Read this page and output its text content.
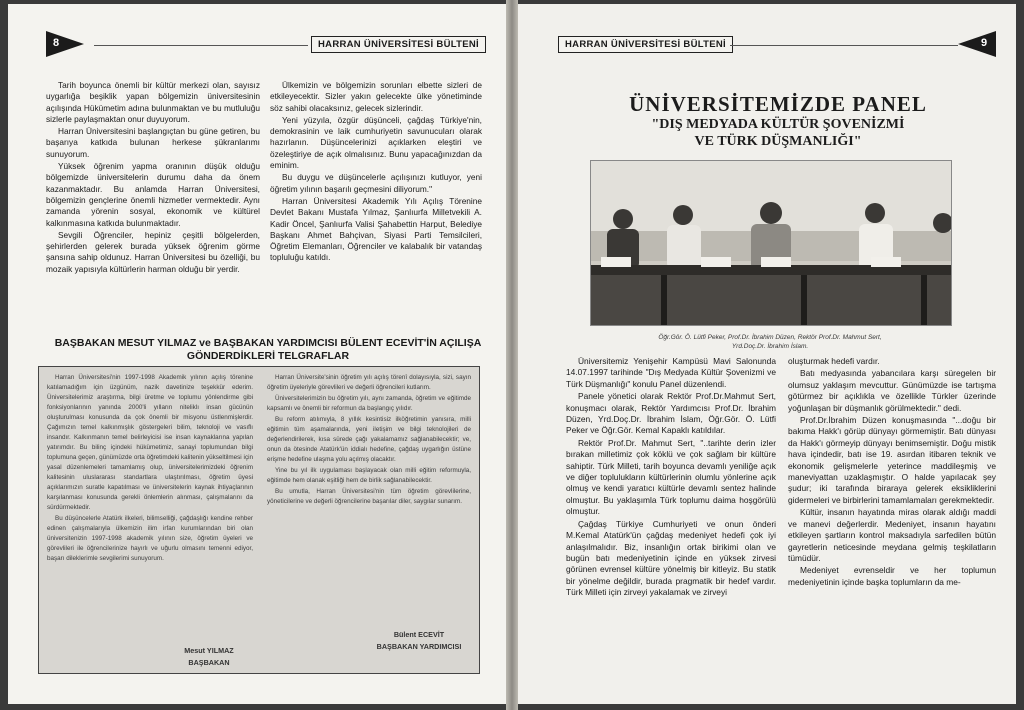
8	HARRAN ÜNİVERSİTESİ BÜLTENİ

Tarih boyunca önemli bir kültür merkezi olan, sayısız uygarlığa beşiklik yapan bölgemizin üniversitesinin açılışında Hükümetim adına bulunmaktan ve bu mutluluğu sizlerle paylaşmaktan onur duyuyorum.

Harran Üniversitesini başlangıçtan bu güne getiren, bu başarıya katkıda bulunan herkese şükranlarımı sunuyorum.

Yüksek öğrenim yapma oranının düşük olduğu bölgemizde üniversitelerin durumu daha da önem kazanmaktadır. Bu anlamda Harran Üniversitesi, bölgemizin gençlerine önemli hizmetler vermektedir. Aynı zamanda yörenin sosyal, ekonomik ve kültürel kalkınmasına katkıda bulunmaktadır.

Sevgili Öğrenciler, hepiniz çeşitli bölgelerden, şehirlerden gelerek burada yüksek öğrenim görme şansına sahip oldunuz. Harran Üniversitesi bu özelliği, bu mozaik yapısıyla kültürlerin harman olduğu bir yerdir.

Ülkemizin ve bölgemizin sorunları elbette sizleri de etkileyecektir. Sizler yakın gelecekte ülke yönetiminde söz sahibi olacaksınız, gelecek sizlerindir.

Yeni yüzyıla, özgür düşünceli, çağdaş Türkiye'nin, demokrasinin ve laik cumhuriyetin savunucuları olarak hazırlanın. Düşüncelerinizi açıklarken eleştiri ve özeleştiriye de açık olmalısınız. Bunu yapacağınızdan da eminim.

Bu duygu ve düşüncelerle açılışınızı kutluyor, yeni öğretim yılının başarılı geçmesini diliyorum."

Harran Üniversitesi Akademik Yılı Açılış Törenine Devlet Bakanı Mustafa Yılmaz, Şanlıurfa Milletvekili A. Kadir Öncel, Şanlıurfa Valisi Şahabettin Harput, Belediye Başkanı Ahmet Bahçivan, Siyasi Parti Temsilcileri, Öğretim Elemanları, Öğrenciler ve kalabalık bir vatandaş topluluğu katıldı.

BAŞBAKAN MESUT YILMAZ ve BAŞBAKAN YARDIMCISI BÜLENT ECEVİT'İN AÇILIŞA GÖNDERDİKLERİ TELGRAFLAR

Harran Üniversitesi'nin 1997-1998 Akademik yılının açılış törenine katılamadığım için üzgünüm, nazik davetinize teşekkür ederim. Üniversitelerimiz araştırma, bilgi üretme ve toplumu yönlendirme gibi fonksiyonlarının yanında 2000'li yılların niteliklı insan gücünün oluşturulması konusunda da çok önemli bir misyonu üstlenmişlerdir. Çağımızın temel kalkınmışlık göstergeleri bilim, teknoloji ve vasıflı insandır. Kalkınmanın temel belirleyicisi ise insan kaynaklarına yapılan yatırımdır. Bu bilinç içindeki hükümetimiz, sanayi toplumundan bilgi toplumuna geçen, günümüzde orta öğretimdeki kalitenin yükseltilmesi için yasal düzenlemeleri tamamlamış olup, üniversitelerimizdeki öğrenim kalitesinin uluslararası standartlara ulaştırılması, öğretim üyesi açıklarımızın suratle kapatılması ve üniversitelerin kaynak ihtiyaçlarının karşılanması konusunda gerekli önlemlerin alınması, çalışmalarını da sürdürmektedir.

Bu düşüncelerle Atatürk ilkeleri, bilimselliği, çağdaşlığı kendine rehber edinen çalışmalarıyla ülkemizin ilim irfan kurumlarından biri olan üniversitenizin 1997-1998 akademik yılının size, öğretim üyeleri ve görevlileri ile öğrencilerinize hayırlı ve uğurlu olmasını temenni ediyor, başarı dileklerimle sevgilerimi sunuyorum.

Harran Üniversite'sinin öğretim yılı açılış törenî dolayısıyla, sizi, sayın öğretim üyeleriyle görevlileri ve değerli öğrencileri kutlarım.

Üniversitelerimizin bu öğretim yılı, aynı zamanda, öğretim ve eğitimde kapsamlı ve önemli bir reformun da başlangıç yılıdır.

Bu reform atılımıyla, 8 yıllık kesintisiz ilköğretimin yanısıra, milli eğitimin tüm aşamalarında, yeni iletişim ve bilgi teknolojileri de değerlendirilerek, kısa sürede çağı yakalamamız sağlanabilecektir; ve, onun da ötesinde Atatürk'ün iddialı hedefine, çağdaş uygarlığın üstüne erişme hedefine ulaşma yolu açılmış olacaktır.

Yine bu yıl ilk uygulaması başlayacak olan milli eğitim reformuyla, eğitimde hem olanak eşitliği hem de birlik sağlanabilecektir.

Bu umutla, Harran Üniversitesi'nin tüm öğretim görevlilerine, yöneticilerine ve değerli öğrencilerine başarılar diler, saygılar sunarım.

Mesut YILMAZ
BAŞBAKAN
Bülent ECEVİT
BAŞBAKAN YARDIMCISI
HARRAN ÜNİVERSİTESİ BÜLTENİ	9
ÜNİVERSİTEMİZDE PANEL
"DIŞ MEDYADA KÜLTÜR ŞOVENİZMİ
VE TÜRK DÜŞMANLIĞI"
Öğr.Gör. Ö. Lütfi Peker, Prof.Dr. İbrahim Düzen, Rektör Prof.Dr. Mahmut Sert,
Yrd.Doç.Dr. İbrahim İslam.

Üniversitemiz Yenişehir Kampüsü Mavi Salonunda 14.07.1997 tarihinde "Dış Medyada Kültür Şovenizmi ve Türk Düşmanlığı" konulu Panel düzenlendi.

Panele yönetici olarak Rektör Prof.Dr.Mahmut Sert, konuşmacı olarak, Rektör Yardımcısı Prof.Dr. İbrahim Düzen, Yrd.Doç.Dr. İbrahim İslam, Öğr.Gör. Ö. Lütfi Peker ve Öğr.Gör. Kemal Kapaklı katıldılar.

Rektör Prof.Dr. Mahmut Sert, "..tarihte derin izler bırakan milletimiz çok köklü ve çok sağlam bir kültüre sahiptir. Türk Milleti, tarih boyunca devamlı yeniliğe açık ve diğer toplulukların kültürlerinin olumlu yönlerine açık olmuş ve kendi yaratıcı kültürle devamlı sentez halinde olmuştur. Bu yaklaşımla Türk toplumu daima hoşgörülü olmuştur.

Çağdaş Türkiye Cumhuriyeti ve onun önderi M.Kemal Atatürk'ün çağdaş medeniyet hedefi çok iyi anlaşılmalıdır. Biz, insanlığın ortak birikimi olan ve bugün batı medeniyetinin içinde en yüksek zirvesi görünen evrensel kültüre yönelmiş bir kitleyiz. Bu statik bir yönelme değildir, burada pragmatik bir hedef vardır. Türk Milleti için zirveyi yakalamak ve zirveyi

oluşturmak hedefi vardır.

Batı medyasında yabancılara karşı süregelen bir olumsuz yaklaşım mevcuttur. Günümüzde ise tartışma götürmez bir açıklıkla ve özellikle Türkler üzerinde yoğunlaşan bir düşmanlık görülmektedir." dedi.

Prof.Dr.İbrahim Düzen konuşmasında "...doğu bir bakıma Hakk'ı görüp dünyayı görmemiştir. Batı dünyası da Hakk'ı görmeyip dünyayı benimsemiştir. Doğu mistik hava içindedir, batı ise 19. asırdan itibaren teknik ve ekonomik gelişmelerle yeterince maddileşmiş ve maneviyattan uzaklaşmıştır. O halde yapılacak şey şudur; iki tarafında biraraya gelerek eksikliklerini gidermeleri ve birbirlerini tamamlamaları gerekmektedir.

Kültür, insanın hayatında miras olarak aldığı maddi ve manevi değerlerdir. Medeniyet, insanın hayatını etkileyen şartların kontrol maksadıyla sarfedilen bütün gayretlerin neticesinde meydana gelmiş teşkilatların tümüdür.

Medeniyet evrenseldir ve her toplumun medeniyetinin içinde başka toplumların da me-
